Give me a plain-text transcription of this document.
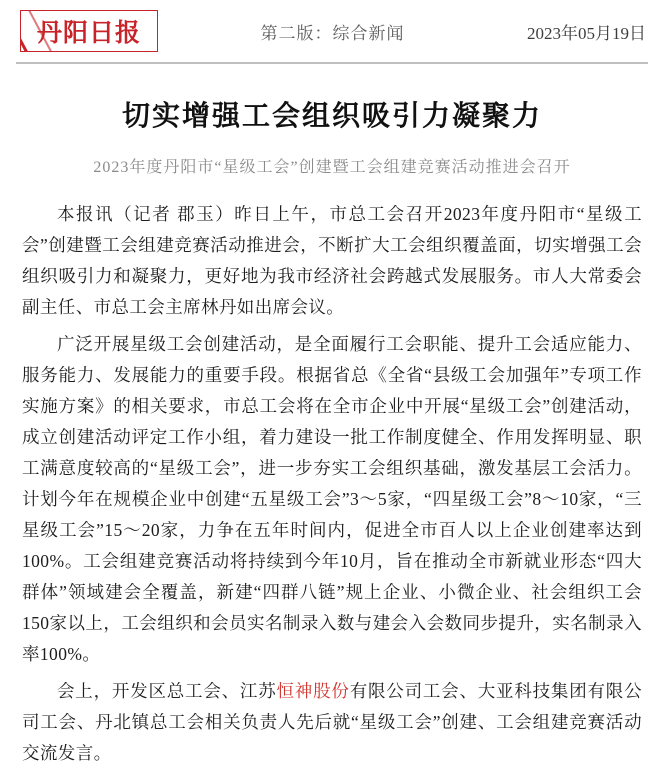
丹阳日报	第二版：综合新闻	2023年05月19日
切实增强工会组织吸引力凝聚力
2023年度丹阳市“星级工会”创建暨工会组建竞赛活动推进会召开

本报讯（记者 郡玉）昨日上午，市总工会召开2023年度丹阳市“星级工会”创建暨工会组建竞赛活动推进会，不断扩大工会组织覆盖面，切实增强工会组织吸引力和凝聚力，更好地为我市经济社会跨越式发展服务。市人大常委会副主任、市总工会主席林丹如出席会议。

广泛开展星级工会创建活动，是全面履行工会职能、提升工会适应能力、服务能力、发展能力的重要手段。根据省总《全省“县级工会加强年”专项工作实施方案》的相关要求，市总工会将在全市企业中开展“星级工会”创建活动，成立创建活动评定工作小组，着力建设一批工作制度健全、作用发挥明显、职工满意度较高的“星级工会”，进一步夯实工会组织基础，激发基层工会活力。计划今年在规模企业中创建“五星级工会”3～5家，“四星级工会”8～10家，“三星级工会”15～20家，力争在五年时间内，促进全市百人以上企业创建率达到100%。工会组建竞赛活动将持续到今年10月，旨在推动全市新就业形态“四大群体”领域建会全覆盖，新建“四群八链”规上企业、小微企业、社会组织工会150家以上，工会组织和会员实名制录入数与建会入会数同步提升，实名制录入率100%。

会上，开发区总工会、江苏恒神股份有限公司工会、大亚科技集团有限公司工会、丹北镇总工会相关负责人先后就“星级工会”创建、工会组建竞赛活动交流发言。
